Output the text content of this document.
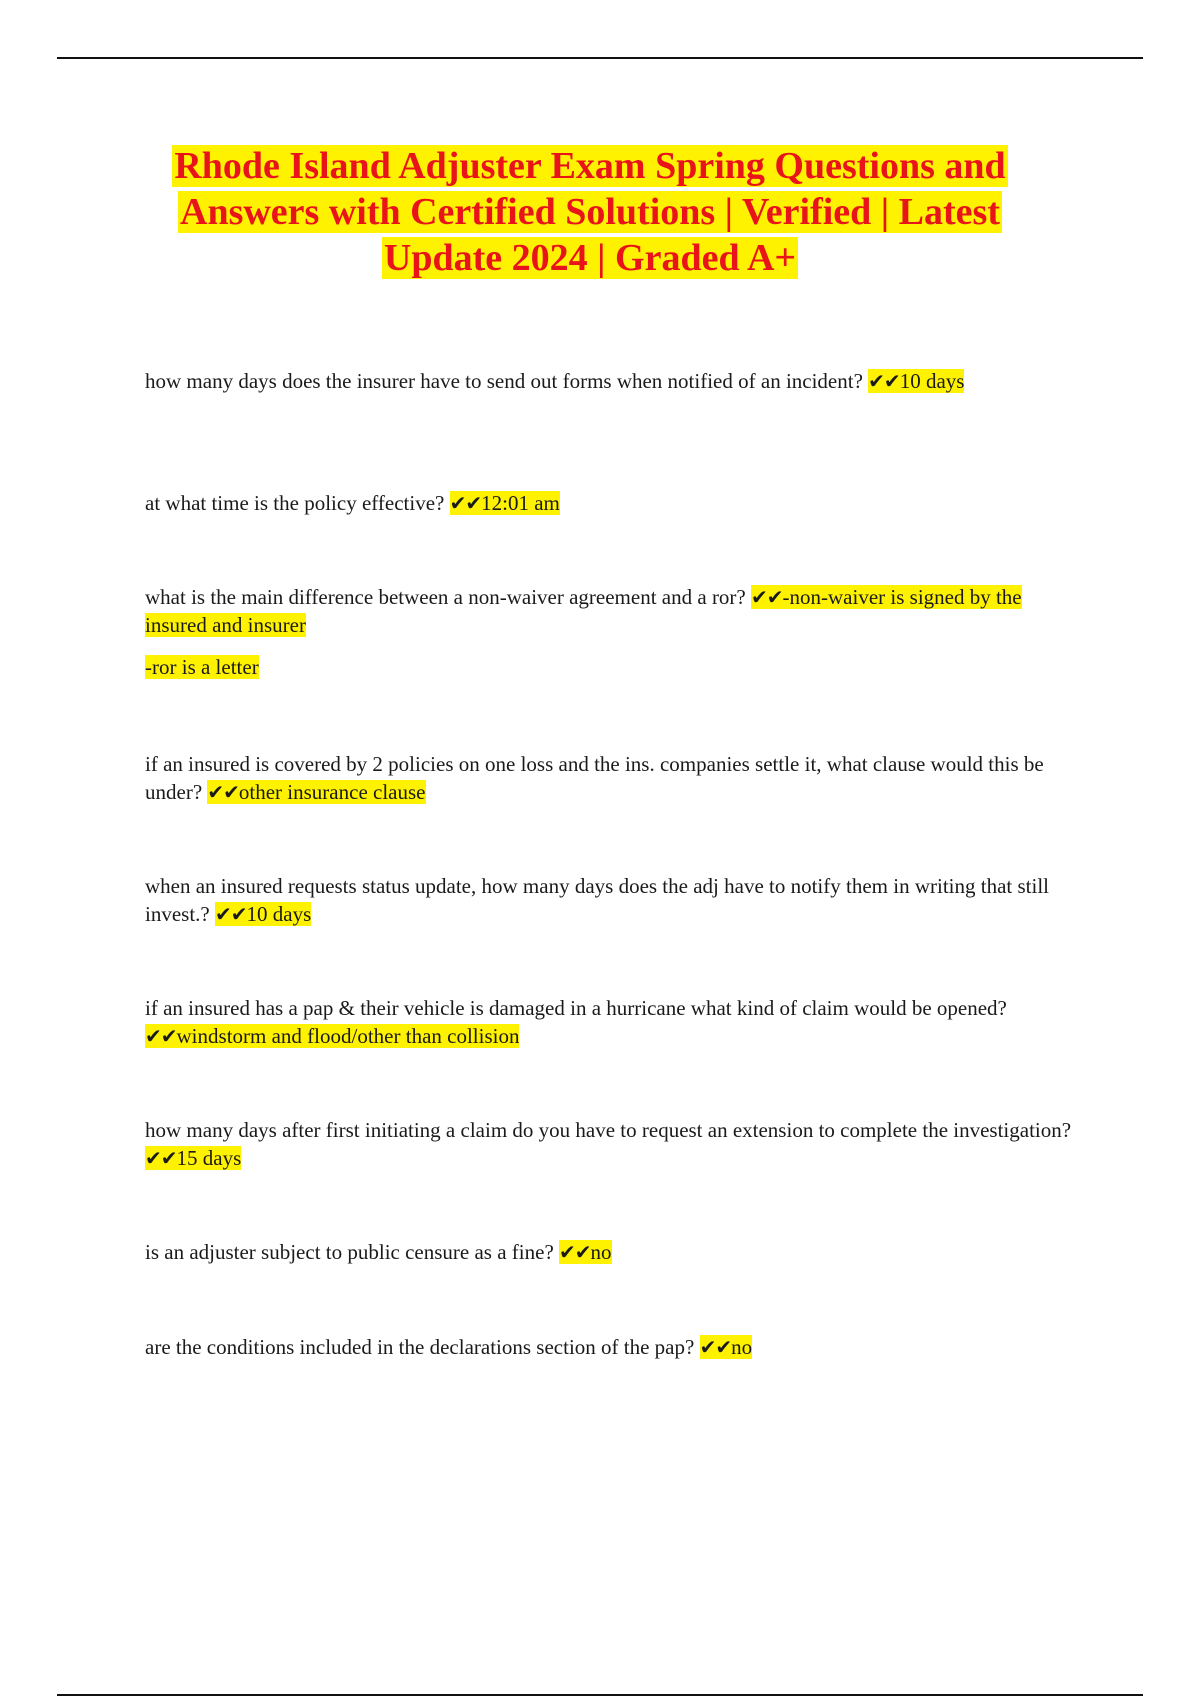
Rhode Island Adjuster Exam Spring Questions and Answers with Certified Solutions | Verified | Latest Update 2024 | Graded A+

how many days does the insurer have to send out forms when notified of an incident? ✔✔10 days

at what time is the policy effective? ✔✔12:01 am

what is the main difference between a non-waiver agreement and a ror? ✔✔-non-waiver is signed by the insured and insurer

-ror is a letter

if an insured is covered by 2 policies on one loss and the ins. companies settle it, what clause would this be under? ✔✔other insurance clause

when an insured requests status update, how many days does the adj have to notify them in writing that still invest.? ✔✔10 days

if an insured has a pap & their vehicle is damaged in a hurricane what kind of claim would be opened? ✔✔windstorm and flood/other than collision

how many days after first initiating a claim do you have to request an extension to complete the investigation? ✔✔15 days

is an adjuster subject to public censure as a fine? ✔✔no

are the conditions included in the declarations section of the pap? ✔✔no
